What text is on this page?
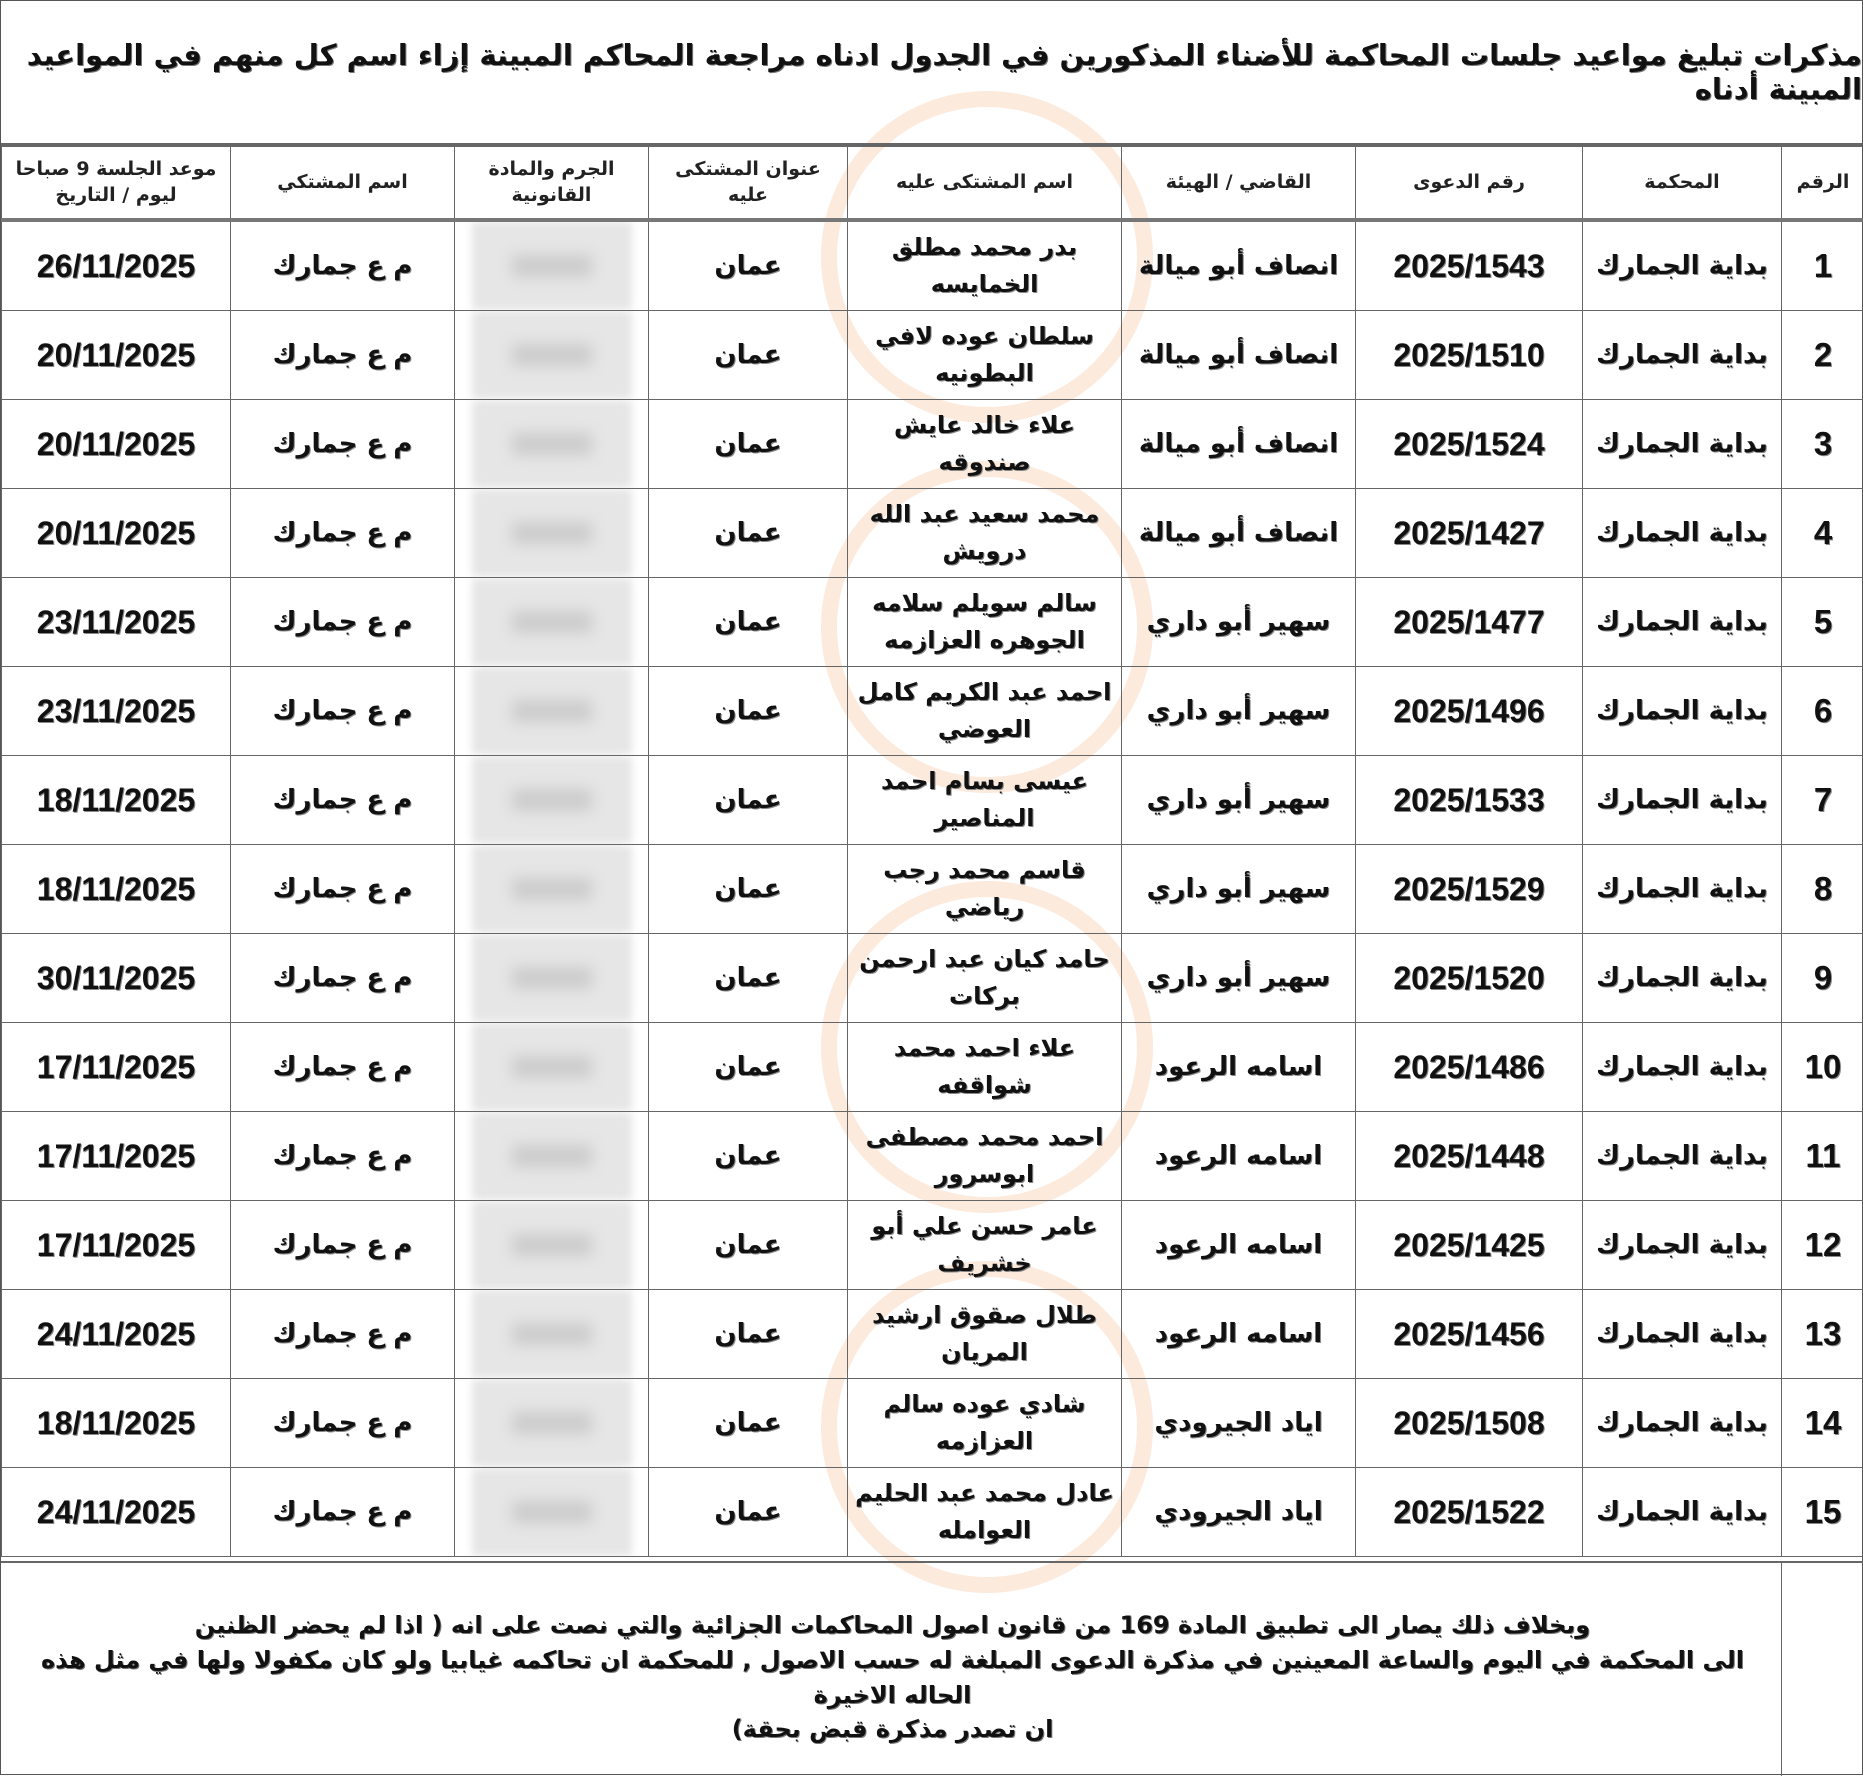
مذكرات تبليغ مواعيد جلسات المحاكمة للأضناء المذكورين في الجدول ادناه مراجعة المحاكم المبينة إزاء اسم كل منهم في المواعيد المبينة أدناه
الرقم	المحكمة	رقم الدعوى	القاضي / الهيئة	اسم المشتكى عليه	عنوان المشتكى عليه	الجرم والمادة القانونية	اسم المشتكي	موعد الجلسة 9 صباحا ليوم / التاريخ
1	بداية الجمارك	2025/1543	انصاف أبو ميالة	بدر محمد مطلق الخمايسه	عمان		م ع جمارك	26/11/2025
2	بداية الجمارك	2025/1510	انصاف أبو ميالة	سلطان عوده لافي البطونيه	عمان		م ع جمارك	20/11/2025
3	بداية الجمارك	2025/1524	انصاف أبو ميالة	علاء خالد عايش صندوقه	عمان		م ع جمارك	20/11/2025
4	بداية الجمارك	2025/1427	انصاف أبو ميالة	محمد سعيد عبد الله درويش	عمان		م ع جمارك	20/11/2025
5	بداية الجمارك	2025/1477	سهير أبو داري	سالم سويلم سلامه الجوهره العزازمه	عمان		م ع جمارك	23/11/2025
6	بداية الجمارك	2025/1496	سهير أبو داري	احمد عبد الكريم كامل العوضي	عمان		م ع جمارك	23/11/2025
7	بداية الجمارك	2025/1533	سهير أبو داري	عيسى بسام احمد المناصير	عمان		م ع جمارك	18/11/2025
8	بداية الجمارك	2025/1529	سهير أبو داري	قاسم محمد رجب رياضي	عمان		م ع جمارك	18/11/2025
9	بداية الجمارك	2025/1520	سهير أبو داري	حامد كيان عبد ارحمن بركات	عمان		م ع جمارك	30/11/2025
10	بداية الجمارك	2025/1486	اسامه الرعود	علاء احمد محمد شواقفه	عمان		م ع جمارك	17/11/2025
11	بداية الجمارك	2025/1448	اسامه الرعود	احمد محمد مصطفى ابوسرور	عمان		م ع جمارك	17/11/2025
12	بداية الجمارك	2025/1425	اسامه الرعود	عامر حسن علي أبو خشريف	عمان		م ع جمارك	17/11/2025
13	بداية الجمارك	2025/1456	اسامه الرعود	طلال صقوق ارشيد المريان	عمان		م ع جمارك	24/11/2025
14	بداية الجمارك	2025/1508	اياد الجيرودي	شادي عوده سالم العزازمه	عمان		م ع جمارك	18/11/2025
15	بداية الجمارك	2025/1522	اياد الجيرودي	عادل محمد عبد الحليم العوامله	عمان		م ع جمارك	24/11/2025
وبخلاف ذلك يصار الى تطبيق المادة 169 من قانون اصول المحاكمات الجزائية والتي نصت على انه ( اذا لم يحضر الظنين
الى المحكمة في اليوم والساعة المعينين في مذكرة الدعوى المبلغة له حسب الاصول , للمحكمة ان تحاكمه غيابيا ولو كان مكفولا ولها في مثل هذه الحاله الاخيرة
ان تصدر مذكرة قبض بحقة)
